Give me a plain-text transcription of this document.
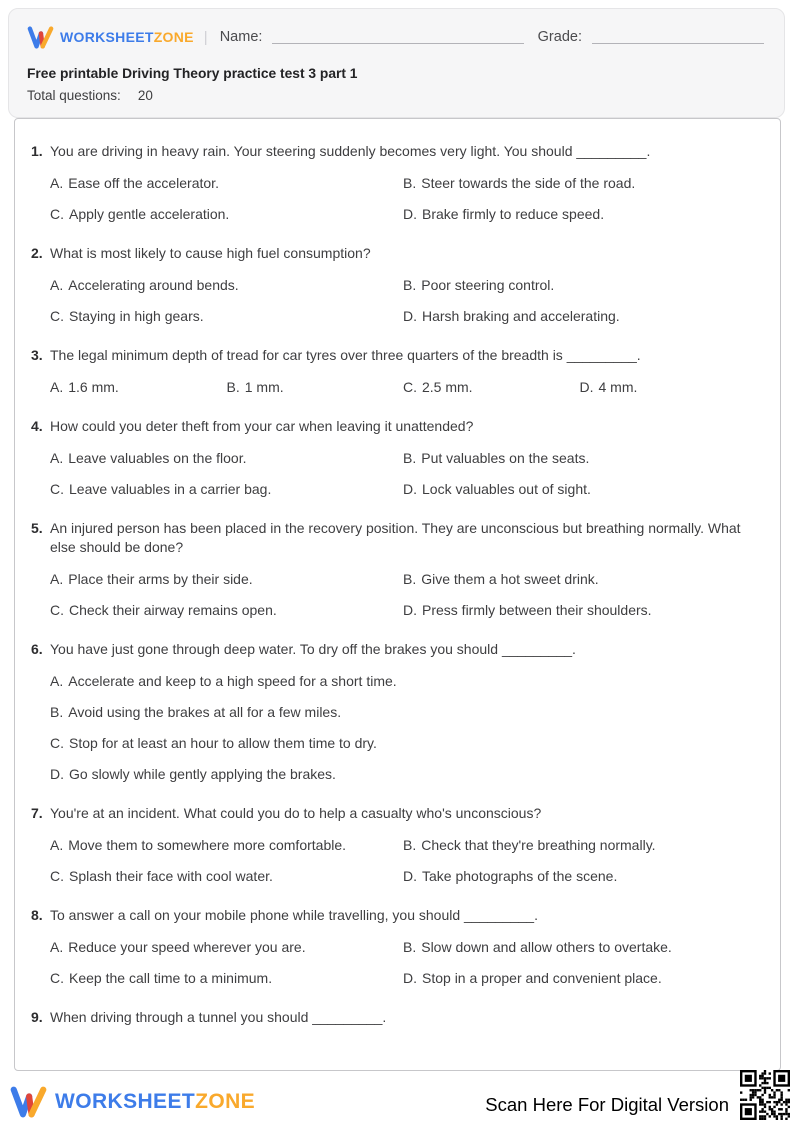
WORKSHEETZONE | Name:	Grade:
Free printable Driving Theory practice test 3 part 1
Total questions: 20
1. You are driving in heavy rain. Your steering suddenly becomes very light. You should _________.
A. Ease off the accelerator.	B. Steer towards the side of the road.
C. Apply gentle acceleration.	D. Brake firmly to reduce speed.
2. What is most likely to cause high fuel consumption?
A. Accelerating around bends.	B. Poor steering control.
C. Staying in high gears.	D. Harsh braking and accelerating.
3. The legal minimum depth of tread for car tyres over three quarters of the breadth is _________.
A. 1.6 mm.	B. 1 mm.	C. 2.5 mm.	D. 4 mm.
4. How could you deter theft from your car when leaving it unattended?
A. Leave valuables on the floor.	B. Put valuables on the seats.
C. Leave valuables in a carrier bag.	D. Lock valuables out of sight.
5. An injured person has been placed in the recovery position. They are unconscious but breathing normally. What else should be done?
A. Place their arms by their side.	B. Give them a hot sweet drink.
C. Check their airway remains open.	D. Press firmly between their shoulders.
6. You have just gone through deep water. To dry off the brakes you should _________.
A. Accelerate and keep to a high speed for a short time.
B. Avoid using the brakes at all for a few miles.
C. Stop for at least an hour to allow them time to dry.
D. Go slowly while gently applying the brakes.
7. You're at an incident. What could you do to help a casualty who's unconscious?
A. Move them to somewhere more comfortable.	B. Check that they're breathing normally.
C. Splash their face with cool water.	D. Take photographs of the scene.
8. To answer a call on your mobile phone while travelling, you should _________.
A. Reduce your speed wherever you are.	B. Slow down and allow others to overtake.
C. Keep the call time to a minimum.	D. Stop in a proper and convenient place.
9. When driving through a tunnel you should _________.
WORKSHEETZONE	Scan Here For Digital Version
